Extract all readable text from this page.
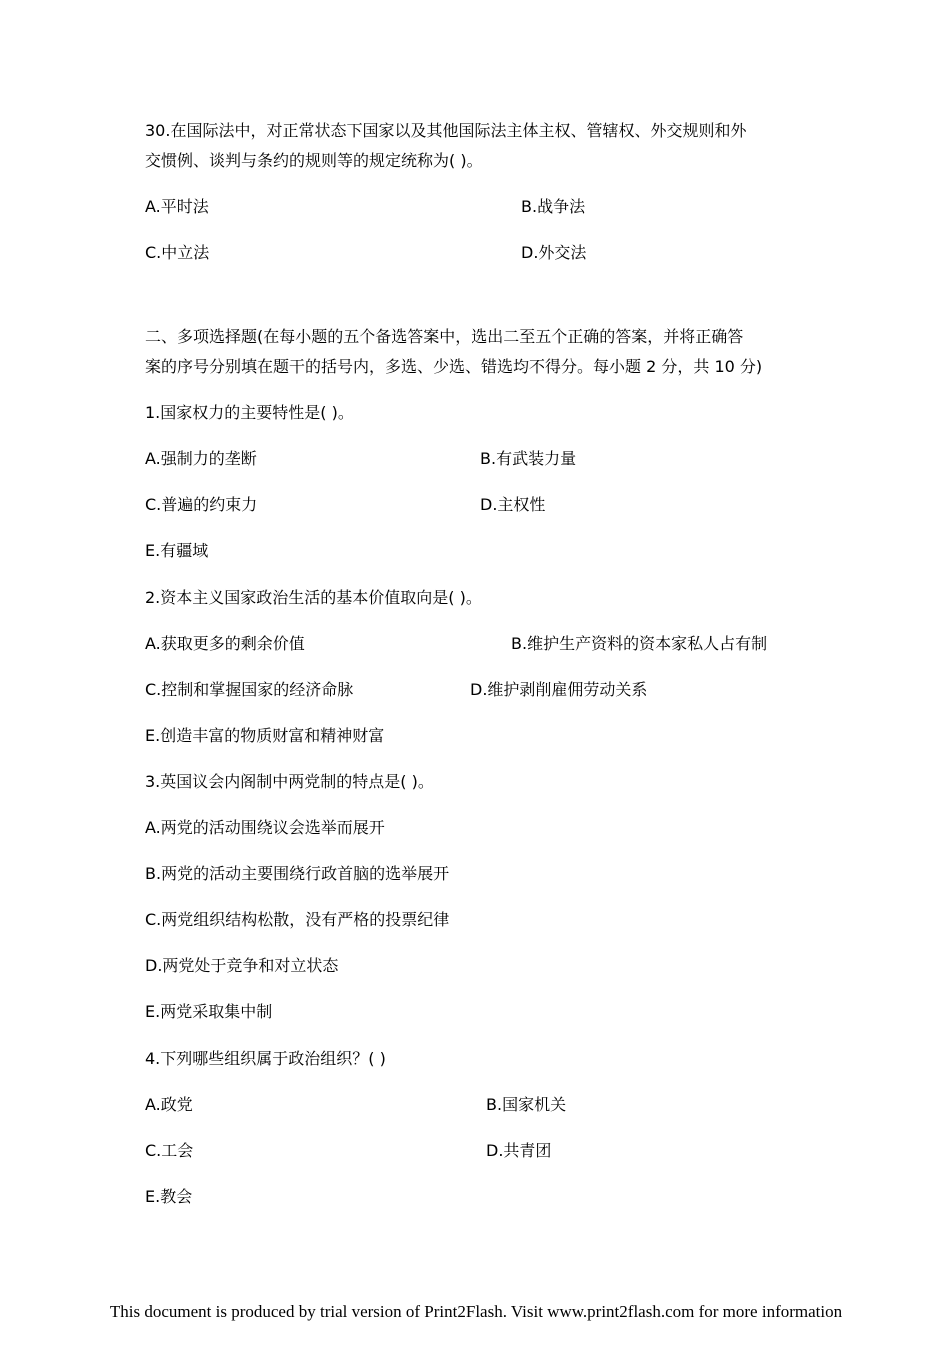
30.在国际法中，对正常状态下国家以及其他国际法主体主权、管辖权、外交规则和外
交惯例、谈判与条约的规则等的规定统称为( )。
A.平时法	B.战争法
C.中立法	D.外交法
二、多项选择题(在每小题的五个备选答案中，选出二至五个正确的答案，并将正确答
案的序号分别填在题干的括号内，多选、少选、错选均不得分。每小题 2 分，共 10 分)
1.国家权力的主要特性是( )。
A.强制力的垄断	B.有武装力量
C.普遍的约束力	D.主权性
E.有疆域
2.资本主义国家政治生活的基本价值取向是( )。
A.获取更多的剩余价值	B.维护生产资料的资本家私人占有制
C.控制和掌握国家的经济命脉	D.维护剥削雇佣劳动关系
E.创造丰富的物质财富和精神财富
3.英国议会内阁制中两党制的特点是( )。
A.两党的活动围绕议会选举而展开
B.两党的活动主要围绕行政首脑的选举展开
C.两党组织结构松散，没有严格的投票纪律
D.两党处于竞争和对立状态
E.两党采取集中制
4.下列哪些组织属于政治组织？( )
A.政党	B.国家机关
C.工会	D.共青团
E.教会
This document is produced by trial version of Print2Flash. Visit www.print2flash.com for more information
